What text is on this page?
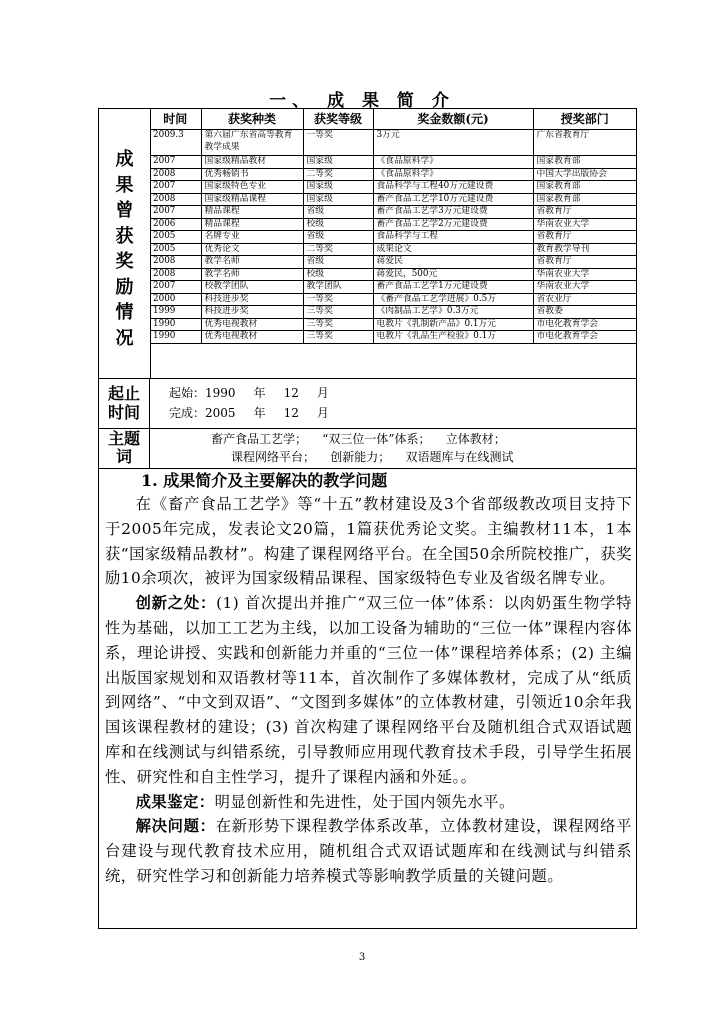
一、 成 果 简 介
成
果
曾
获
奖
励
情
况
时间	获奖种类	获奖等级	奖金数额(元)	授奖部门
2009.3	第六届广东省高等教育教学成果	一等奖	3万元	广东省教育厅
2007	国家级精品教材	国家级	《食品原料学》	国家教育部
2008	优秀畅销书	二等奖	《食品原料学》	中国大学出版协会
2007	国家级特色专业	国家级	食品科学与工程40万元建设费	国家教育部
2008	国家级精品课程	国家级	畜产食品工艺学10万元建设费	国家教育部
2007	精品课程	省级	畜产食品工艺学3万元建设费	省教育厅
2006	精品课程	校级	畜产食品工艺学2万元建设费	华南农业大学
2005	名牌专业	省级	食品科学与工程	省教育厅
2005	优秀论文	二等奖	成果论文	教育教学导刊
2008	教学名师	省级	蒋爱民	省教育厅
2008	教学名师	校级	蒋爱民，500元	华南农业大学
2007	校教学团队	教学团队	畜产食品工艺学1万元建设费	华南农业大学
2000	科技进步奖	一等奖	《畜产食品工艺学进展》0.5万	省农业厅
1999	科技进步奖	三等奖	《肉制品工艺学》0.3万元	省教委
1990	优秀电视教材	三等奖	电教片《乳制新产品》0.1万元	市电化教育学会
1990	优秀电视教材	三等奖	电教片《乳品生产检验》0.1万	市电化教育学会
起止时间
起始：1990 年 12 月
完成：2005 年 12 月
主题词
畜产食品工艺学；    “双三位一体”体系；    立体教材；
课程网络平台；    创新能力；    双语题库与在线测试
1. 成果简介及主要解决的教学问题

在《畜产食品工艺学》等“十五”教材建设及3个省部级教改项目支持下于2005年完成，发表论文20篇，1篇获优秀论文奖。主编教材11本，1本获“国家级精品教材”。构建了课程网络平台。在全国50余所院校推广，获奖励10余项次，被评为国家级精品课程、国家级特色专业及省级名牌专业。

创新之处：(1) 首次提出并推广“双三位一体”体系：以肉奶蛋生物学特性为基础，以加工工艺为主线，以加工设备为辅助的“三位一体”课程内容体系，理论讲授、实践和创新能力并重的“三位一体”课程培养体系；(2) 主编出版国家规划和双语教材等11本，首次制作了多媒体教材，完成了从“纸质到网络”、“中文到双语”、“文图到多媒体”的立体教材建，引领近10余年我国该课程教材的建设；(3) 首次构建了课程网络平台及随机组合式双语试题库和在线测试与纠错系统，引导教师应用现代教育技术手段，引导学生拓展性、研究性和自主性学习，提升了课程内涵和外延。。

成果鉴定：明显创新性和先进性，处于国内领先水平。

解决问题：在新形势下课程教学体系改革，立体教材建设，课程网络平台建设与现代教育技术应用，随机组合式双语试题库和在线测试与纠错系统，研究性学习和创新能力培养模式等影响教学质量的关键问题。

3
